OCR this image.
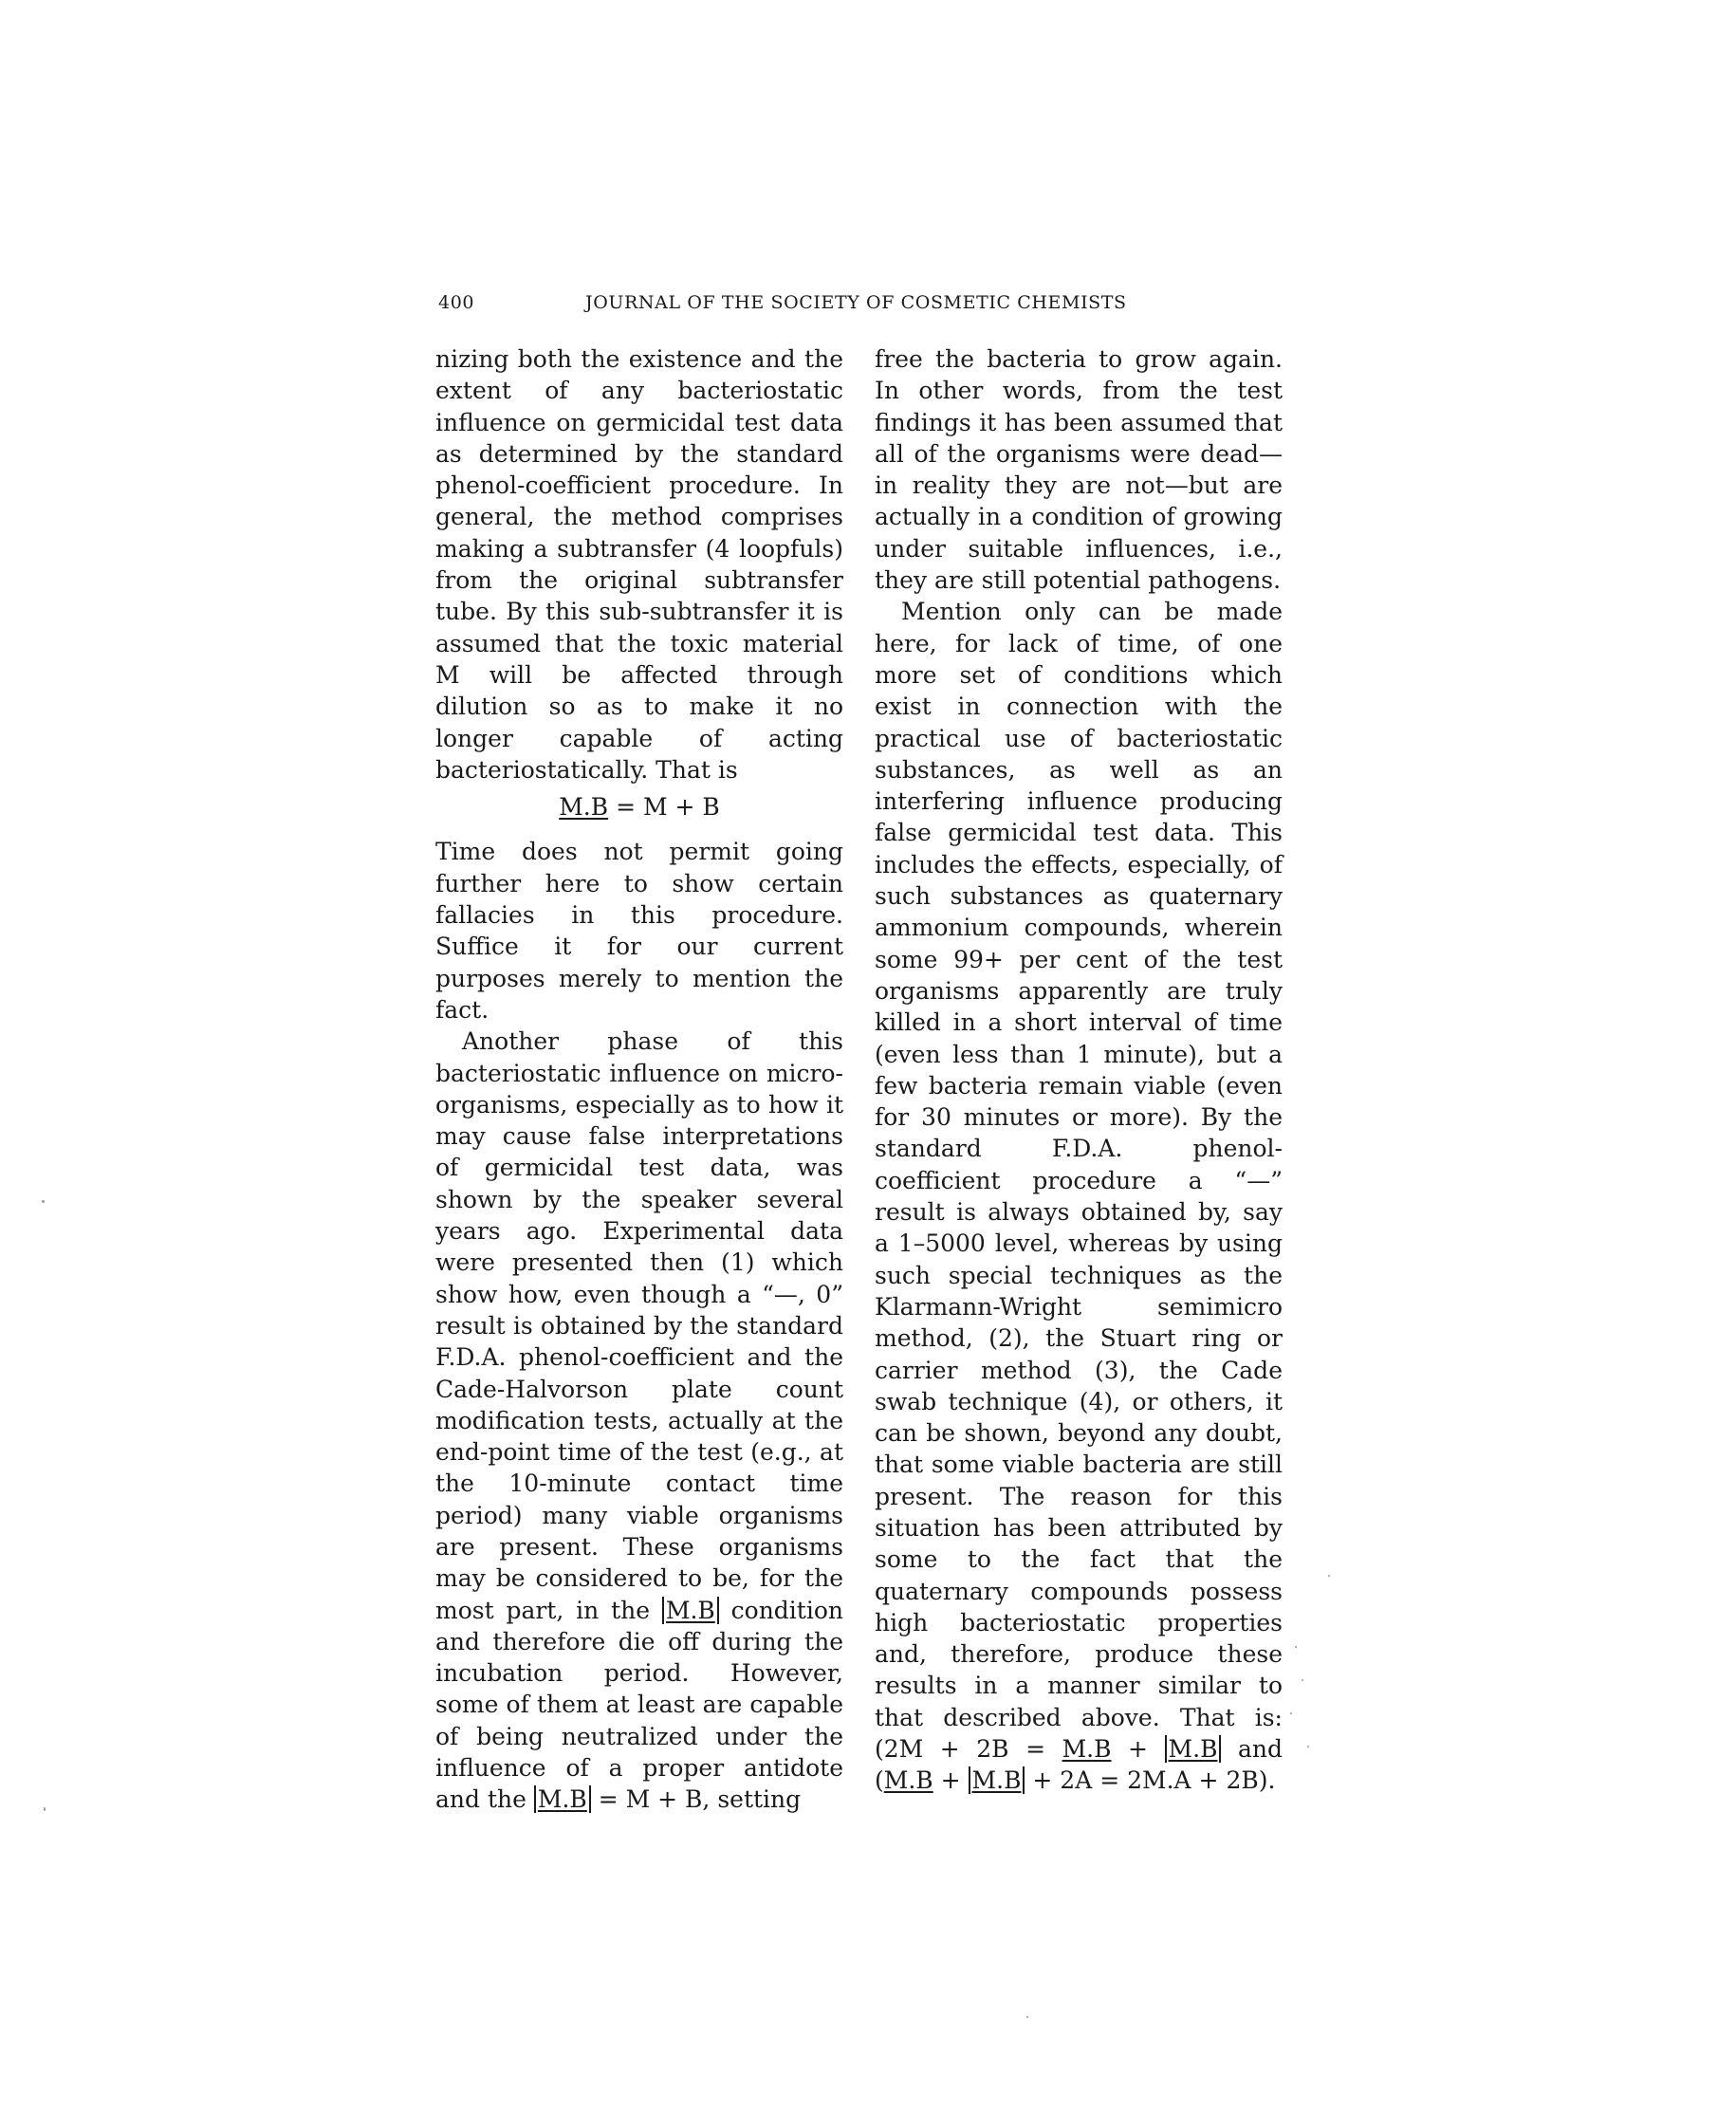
400	JOURNAL OF THE SOCIETY OF COSMETIC CHEMISTS

nizing both the existence and the extent of any bacteriostatic influence on germicidal test data as determined by the standard phenol-coefficient procedure. In general, the method comprises making a subtransfer (4 loopfuls) from the original subtransfer tube. By this sub-subtransfer it is assumed that the toxic material M will be affected through dilution so as to make it no longer capable of acting bacteriostatically. That is

M.B = M + B

Time does not permit going further here to show certain fallacies in this procedure. Suffice it for our current purposes merely to mention the fact.

Another phase of this bacteriostatic influence on micro-organisms, especially as to how it may cause false interpretations of germicidal test data, was shown by the speaker several years ago. Experimental data were presented then (1) which show how, even though a “—, 0” result is obtained by the standard F.D.A. phenol-coefficient and the Cade-Halvorson plate count modification tests, actually at the end-point time of the test (e.g., at the 10-minute contact time period) many viable organisms are present. These organisms may be considered to be, for the most part, in the M.B condition and therefore die off during the incubation period. However, some of them at least are capable of being neutralized under the influence of a proper antidote and the M.B = M + B, setting

free the bacteria to grow again. In other words, from the test findings it has been assumed that all of the organisms were dead—in reality they are not—but are actually in a condition of growing under suitable influences, i.e., they are still potential pathogens.

Mention only can be made here, for lack of time, of one more set of conditions which exist in connection with the practical use of bacteriostatic substances, as well as an interfering influence producing false germicidal test data. This includes the effects, especially, of such substances as quaternary ammonium compounds, wherein some 99+ per cent of the test organisms apparently are truly killed in a short interval of time (even less than 1 minute), but a few bacteria remain viable (even for 30 minutes or more). By the standard F.D.A. phenol-coefficient procedure a “—” result is always obtained by, say a 1–5000 level, whereas by using such special techniques as the Klarmann-Wright semimicro method, (2), the Stuart ring or carrier method (3), the Cade swab technique (4), or others, it can be shown, beyond any doubt, that some viable bacteria are still present. The reason for this situation has been attributed by some to the fact that the quaternary compounds possess high bacteriostatic properties and, therefore, produce these results in a manner similar to that described above. That is: (2M + 2B = M.B + M.B and (M.B + M.B + 2A = 2M.A + 2B).
